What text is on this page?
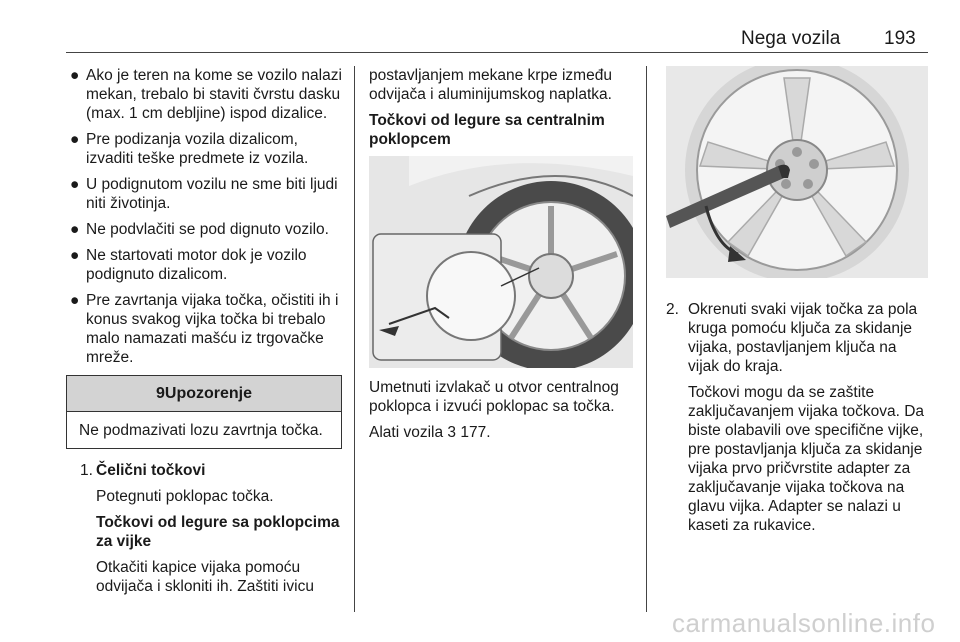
Nega vozila 193
● Ako je teren na kome se vozilo nalazi mekan, trebalo bi staviti čvrstu dasku (max. 1 cm debljine) ispod dizalice.
● Pre podizanja vozila dizalicom, izvaditi teške predmete iz vozila.
● U podignutom vozilu ne sme biti ljudi niti životinja.
● Ne podvlačiti se pod dignuto vozilo.
● Ne startovati motor dok je vozilo podignuto dizalicom.
● Pre zavrtanja vijaka točka, očistiti ih i konus svakog vijka točka bi trebalo malo namazati mašću iz trgovačke mreže.
9Upozorenje
Ne podmazivati lozu zavrtnja točka.
1. Čelični točkovi

Potegnuti poklopac točka.

Točkovi od legure sa poklopcima za vijke

Otkačiti kapice vijaka pomoću odvijača i skloniti ih. Zaštiti ivicu

postavljanjem mekane krpe između odvijača i aluminijumskog naplatka.

Točkovi od legure sa centralnim poklopcem

Umetnuti izvlakač u otvor centralnog poklopca i izvući poklopac sa točka.

Alati vozila 3 177.

2. Okrenuti svaki vijak točka za pola kruga pomoću ključa za skidanje vijaka, postavljanjem ključa na vijak do kraja.

Točkovi mogu da se zaštite zaključavanjem vijaka točkova. Da biste olabavili ove specifične vijke, pre postavljanja ključa za skidanje vijaka prvo pričvrstite adapter za zaključavanje vijaka točkova na glavu vijka. Adapter se nalazi u kaseti za rukavice.

carmanualsonline.info
